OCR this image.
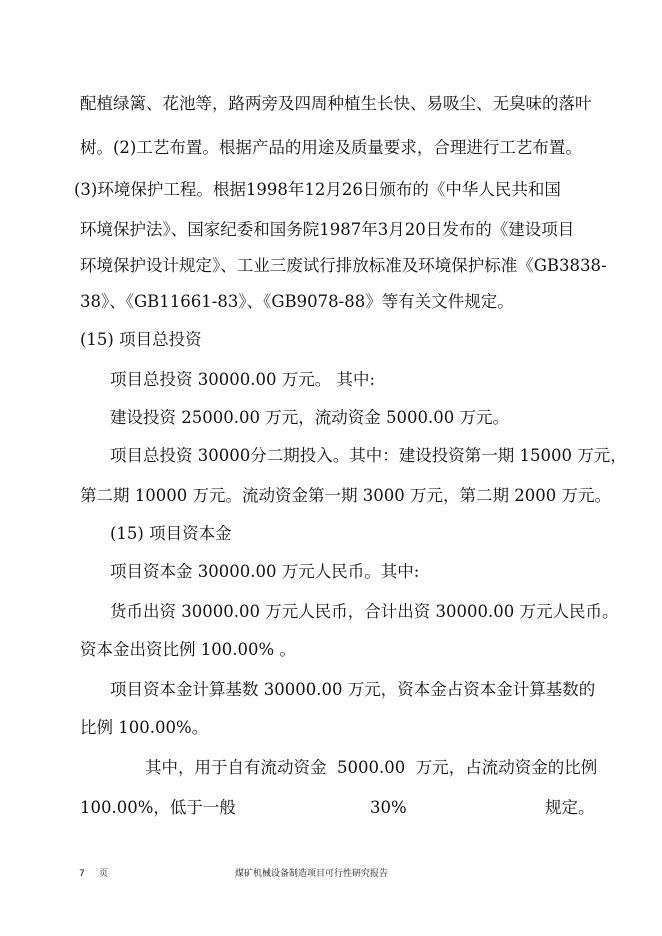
配植绿篱、花池等，路两旁及四周种植生长快、易吸尘、无臭味的落叶

树。(2)工艺布置。根据产品的用途及质量要求，合理进行工艺布置。

(3)环境保护工程。根据1998年12月26日颁布的《中华人民共和国

环境保护法》、国家纪委和国务院1987年3月20日发布的《建设项目

环境保护设计规定》、工业三废试行排放标准及环境保护标准《GB3838-

38》、《GB11661-83》、《GB9078-88》等有关文件规定。

(15) 项目总投资

项目总投资 30000.00 万元。 其中:

建设投资 25000.00 万元，流动资金 5000.00 万元。

项目总投资 30000分二期投入。其中：建设投资第一期 15000 万元，

第二期 10000 万元。流动资金第一期 3000 万元，第二期 2000 万元。

(15) 项目资本金

项目资本金 30000.00 万元人民币。其中:

货币出资 30000.00 万元人民币，合计出资 30000.00 万元人民币。

资本金出资比例 100.00% 。

项目资本金计算基数 30000.00 万元，资本金占资本金计算基数的

比例 100.00%。

其中，用于自有流动资金  5000.00  万元，占流动资金的比例

100.00%，低于一般	30%	规定。

7 页	煤矿机械设备制造项目可行性研究报告
